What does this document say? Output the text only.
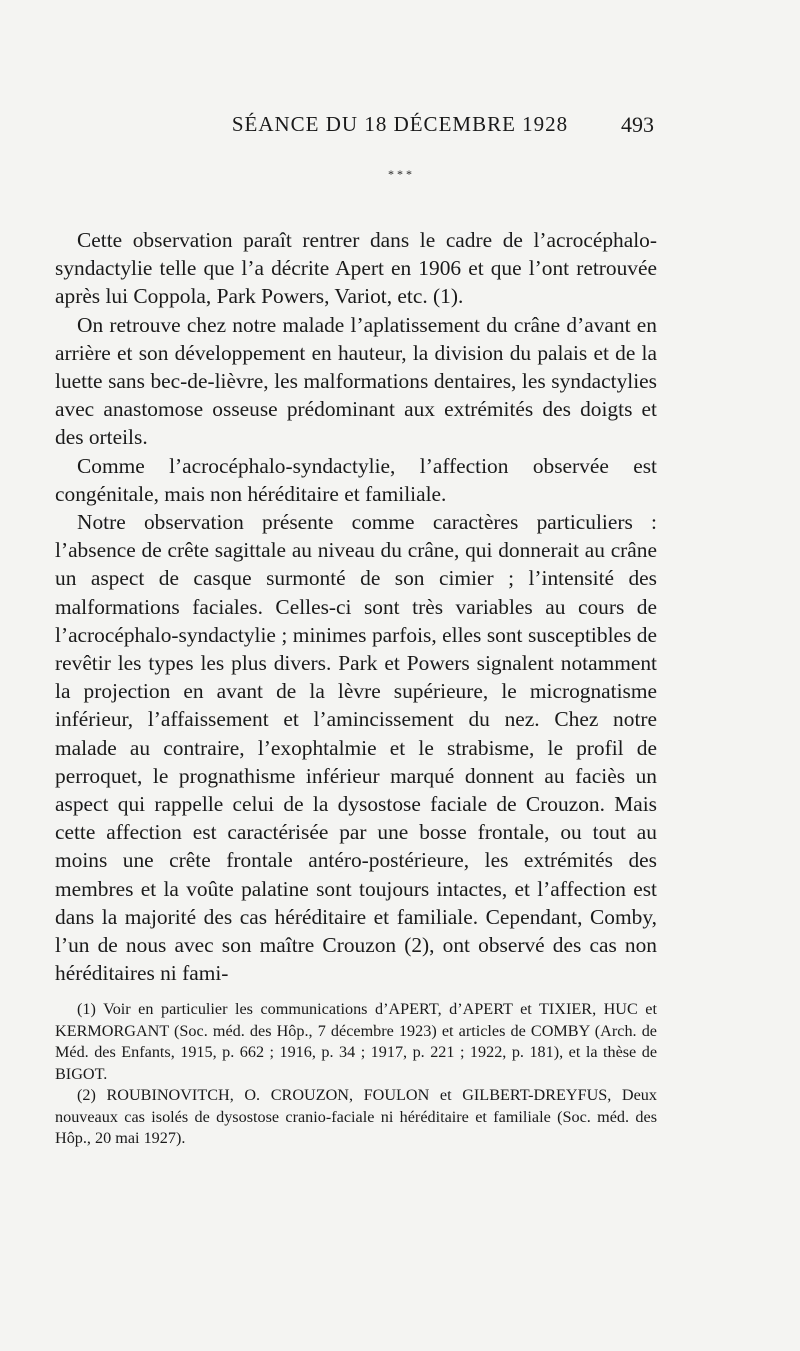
SÉANCE DU 18 DÉCEMBRE 1928	493
* * *

Cette observation paraît rentrer dans le cadre de l’acrocéphalo-syndactylie telle que l’a décrite Apert en 1906 et que l’ont retrouvée après lui Coppola, Park Powers, Variot, etc. (1).

On retrouve chez notre malade l’aplatissement du crâne d’avant en arrière et son développement en hauteur, la division du palais et de la luette sans bec-de-lièvre, les malformations dentaires, les syndactylies avec anastomose osseuse prédominant aux extrémités des doigts et des orteils.

Comme l’acrocéphalo-syndactylie, l’affection observée est congénitale, mais non héréditaire et familiale.

Notre observation présente comme caractères particuliers : l’absence de crête sagittale au niveau du crâne, qui donnerait au crâne un aspect de casque surmonté de son cimier ; l’intensité des malformations faciales. Celles-ci sont très variables au cours de l’acrocéphalo-syndactylie ; minimes parfois, elles sont susceptibles de revêtir les types les plus divers. Park et Powers signalent notamment la projection en avant de la lèvre supérieure, le micrognatisme inférieur, l’affaissement et l’amincissement du nez. Chez notre malade au contraire, l’exophtalmie et le strabisme, le profil de perroquet, le prognathisme inférieur marqué donnent au faciès un aspect qui rappelle celui de la dysostose faciale de Crouzon. Mais cette affection est caractérisée par une bosse frontale, ou tout au moins une crête frontale antéro-postérieure, les extrémités des membres et la voûte palatine sont toujours intactes, et l’affection est dans la majorité des cas héréditaire et familiale. Cependant, Comby, l’un de nous avec son maître Crouzon (2), ont observé des cas non héréditaires ni fami-

(1) Voir en particulier les communications d’APERT, d’APERT et TIXIER, HUC et KERMORGANT (Soc. méd. des Hôp., 7 décembre 1923) et articles de COMBY (Arch. de Méd. des Enfants, 1915, p. 662 ; 1916, p. 34 ; 1917, p. 221 ; 1922, p. 181), et la thèse de BIGOT.

(2) ROUBINOVITCH, O. CROUZON, FOULON et GILBERT-DREYFUS, Deux nouveaux cas isolés de dysostose cranio-faciale ni héréditaire et familiale (Soc. méd. des Hôp., 20 mai 1927).
